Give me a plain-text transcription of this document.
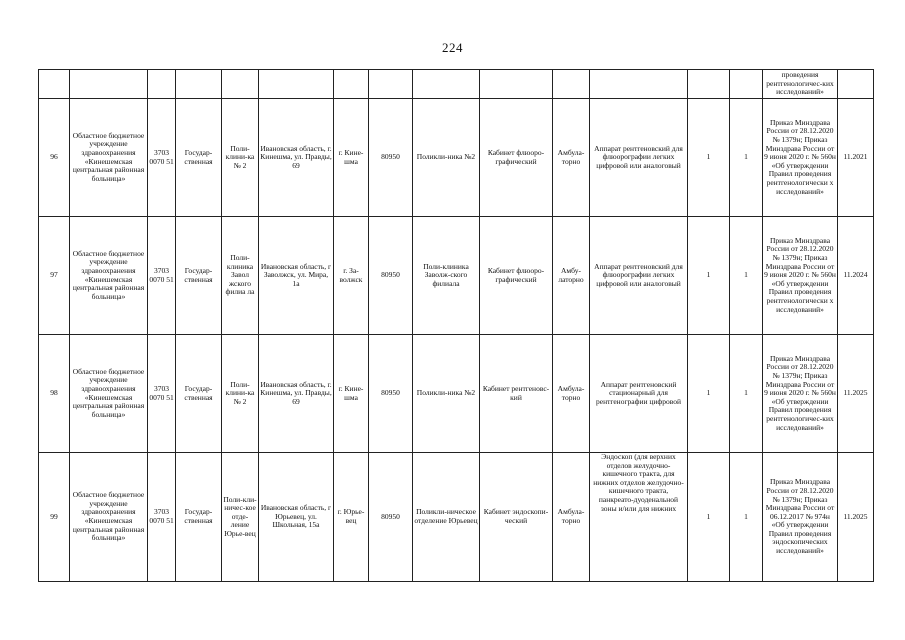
224
														проведения рентгенологичес-ких исследований»	
96	Областное бюджетное учреждение здравоохранения «Кинешемская центральная районная больница»	3703 0070 51	Государ-ственная	Поли-клини-ка № 2	Ивановская область, г. Кинешма, ул. Правды, 69	г. Кине-шма	80950	Поликли-ника №2	Кабинет флюоро-графический	Амбула-торно	Аппарат рентгеновский для флюорографии легких цифровой или аналоговый	1	1	Приказ Минздрава России от 28.12.2020 № 1379н; Приказ Минздрава России от 9 июня 2020 г. № 560н «Об утверждении Правил проведения рентгенологически х исследований»	11.2021
97	Областное бюджетное учреждение здравоохранения «Кинешемская центральная районная больница»	3703 0070 51	Государ-ственная	Поли-клиника Завол жского филиа ла	Ивановская область, г Заволжск, ул. Мира, 1а	г. За-волжск	80950	Поли-клиника Заволж-ского филиала	Кабинет флюоро-графический	Амбу-латорно	Аппарат рентгеновский для флюорографии легких цифровой или аналоговый	1	1	Приказ Минздрава России от 28.12.2020 № 1379н; Приказ Минздрава России от 9 июня 2020 г. № 560н «Об утверждении Правил проведения рентгенологически х исследований»	11.2024
98	Областное бюджетное учреждение здравоохранения «Кинешемская центральная районная больница»	3703 0070 51	Государ-ственная	Поли-клини-ка № 2	Ивановская область, г. Кинешма, ул. Правды, 69	г. Кине-шма	80950	Поликли-ника №2	Кабинет рентгеновс-кий	Амбула-торно	Аппарат рентгеновский стационарный для рентгенографии цифровой	1	1	Приказ Минздрава России от 28.12.2020 № 1379н; Приказ Минздрава России от 9 июня 2020 г. № 560н «Об утверждении Правил проведения рентгенологичес-ких исследований»	11.2025
99	Областное бюджетное учреждение здравоохранения «Кинешемская центральная районная больница»	3703 0070 51	Государ-ственная	Поли-кли-ничес-кое отде-ление Юрье-вец	Ивановская область, г Юрьевец, ул. Школьная, 15а	г. Юрье-вец	80950	Поликли-ническое отделение Юрьевец	Кабинет эндоскопи-ческий	Амбула-торно	Эндоскоп (для верхних отделов желудочно-кишечного тракта, для нижних отделов желудочно-кишечного тракта, панкреато-дуоденальной зоны и/или для нижних	1	1	Приказ Минздрава России от 28.12.2020 № 1379н; Приказ Минздрава России от 06.12.2017 № 974н «Об утверждении Правил проведения эндоскопических исследований»	11.2025
